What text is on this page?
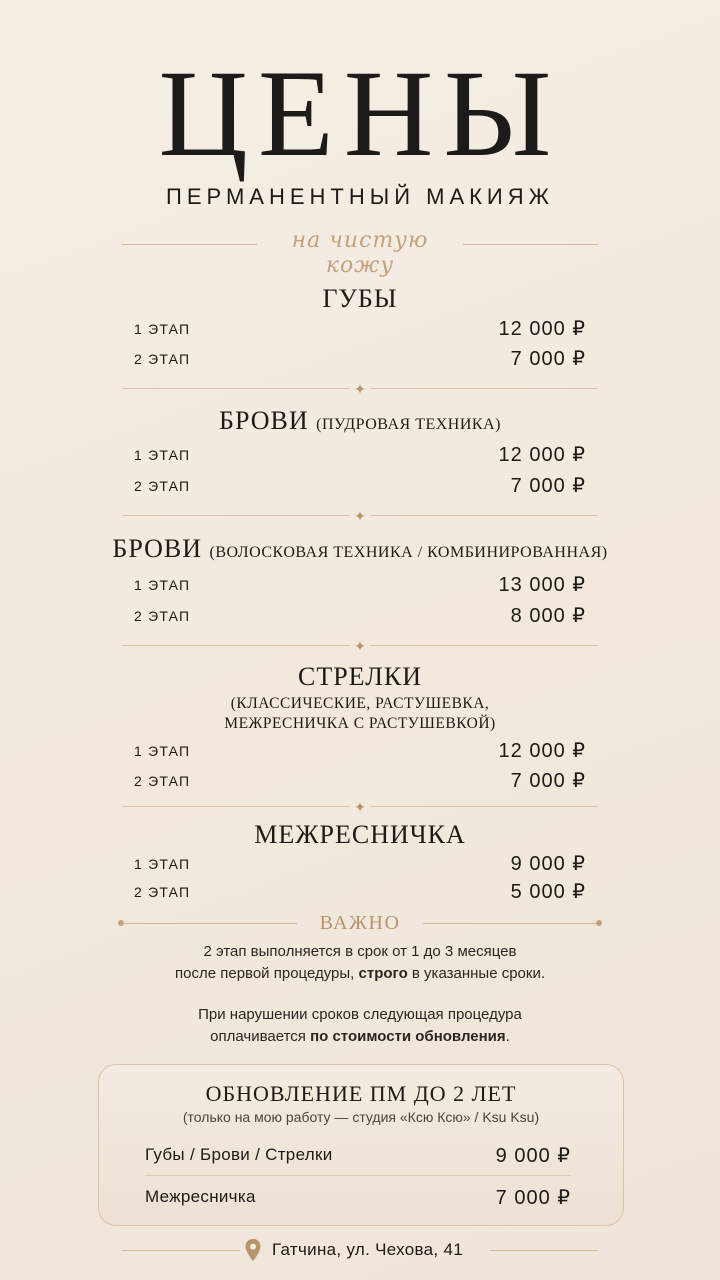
ЦЕНЫ
ПЕРМАНЕНТНЫЙ МАКИЯЖ
на чистую кожу
ГУБЫ
1 ЭТАП	12 000 ₽
2 ЭТАП	7 000 ₽
✦
БРОВИ (ПУДРОВАЯ ТЕХНИКА)
1 ЭТАП	12 000 ₽
2 ЭТАП	7 000 ₽
✦
БРОВИ (ВОЛОСКОВАЯ ТЕХНИКА / КОМБИНИРОВАННАЯ)
1 ЭТАП	13 000 ₽
2 ЭТАП	8 000 ₽
✦
СТРЕЛКИ
(КЛАССИЧЕСКИЕ, РАСТУШЕВКА,
МЕЖРЕСНИЧКА С РАСТУШЕВКОЙ)
1 ЭТАП	12 000 ₽
2 ЭТАП	7 000 ₽
✦
МЕЖРЕСНИЧКА
1 ЭТАП	9 000 ₽
2 ЭТАП	5 000 ₽
ВАЖНО
2 этап выполняется в срок от 1 до 3 месяцев
после первой процедуры, строго в указанные сроки.
При нарушении сроков следующая процедура
оплачивается по стоимости обновления.
ОБНОВЛЕНИЕ ПМ ДО 2 ЛЕТ
(только на мою работу — студия «Ксю Ксю» / Ksu Ksu)
Губы / Брови / Стрелки	9 000 ₽
Межресничка	7 000 ₽
Гатчина, ул. Чехова, 41
